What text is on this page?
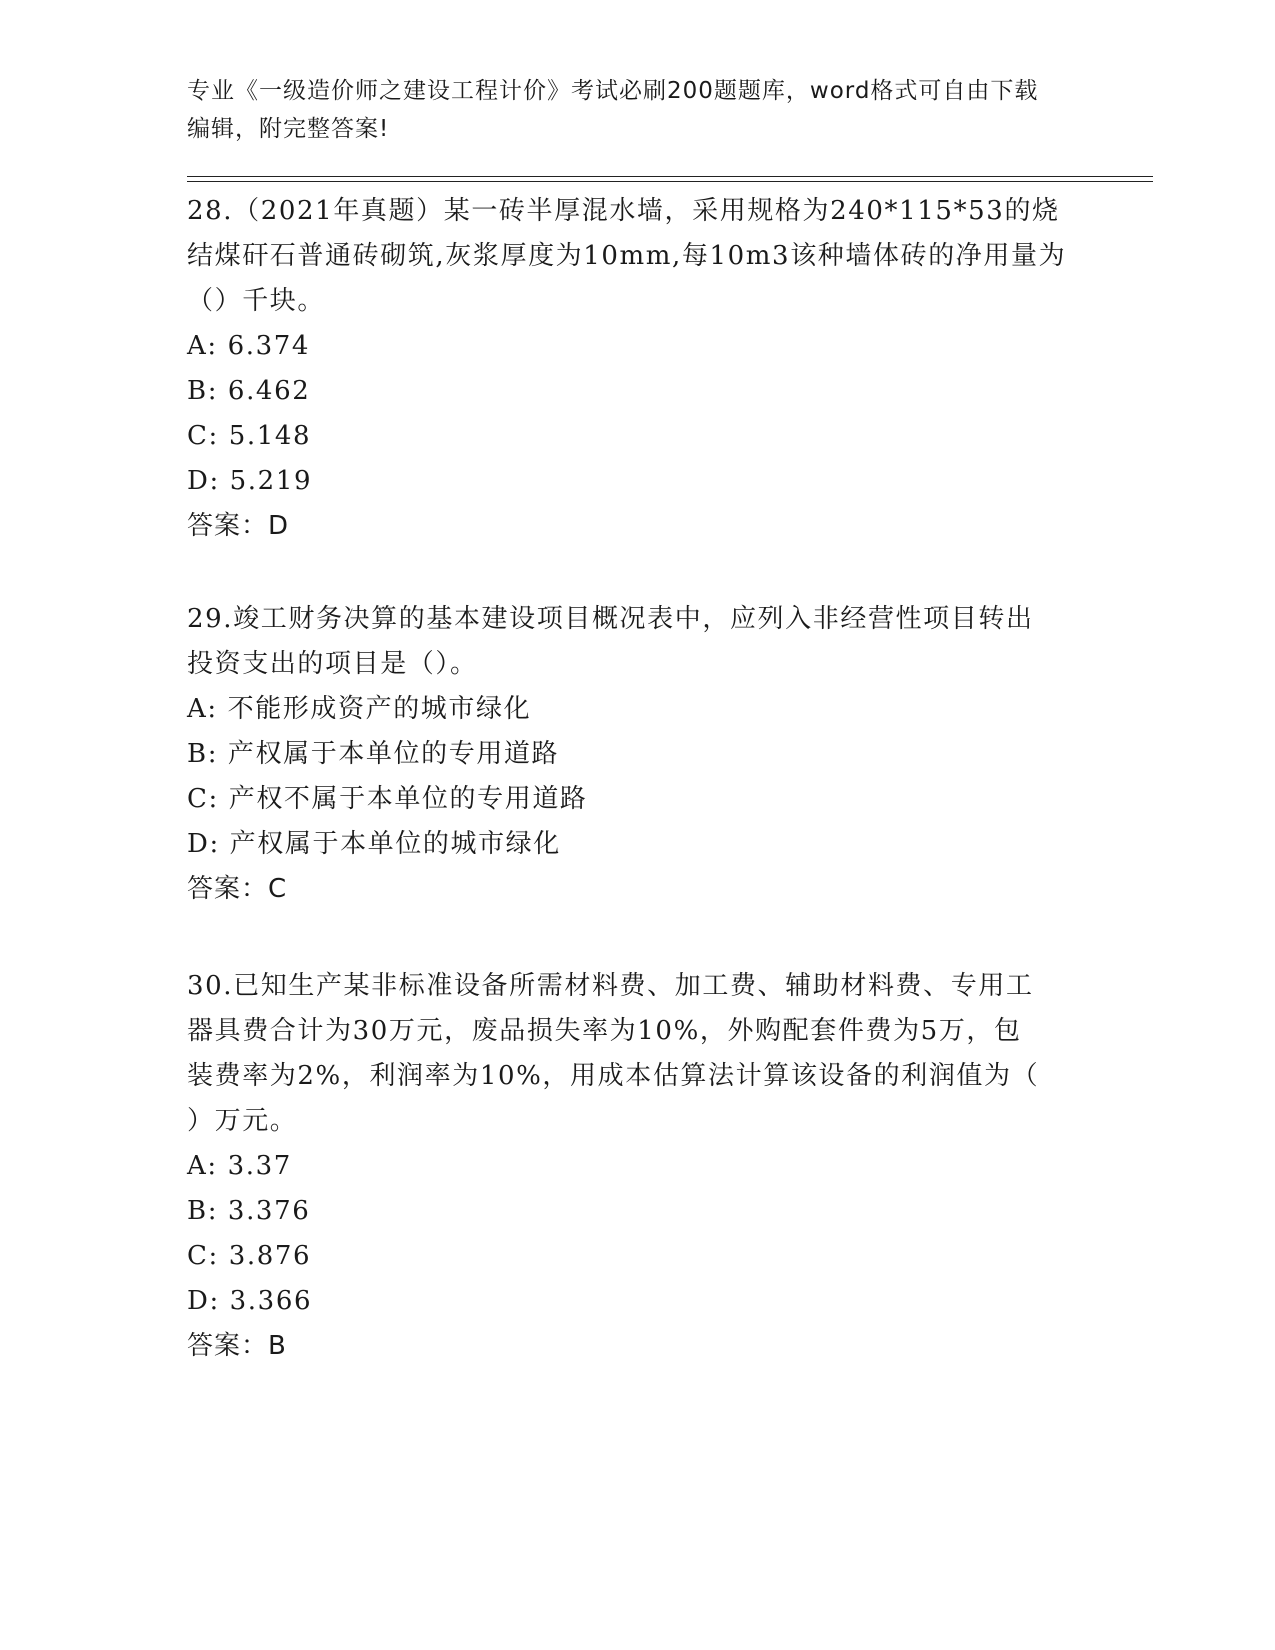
专业《一级造价师之建设工程计价》考试必刷200题题库，word格式可自由下载
编辑，附完整答案!

28.（2021年真题）某一砖半厚混水墙，采用规格为240*115*53的烧

结煤矸石普通砖砌筑,灰浆厚度为10mm,每10m3该种墙体砖的净用量为

（）千块。

A: 6.374

B: 6.462

C: 5.148

D: 5.219

答案：D

29.竣工财务决算的基本建设项目概况表中，应列入非经营性项目转出

投资支出的项目是（）。

A: 不能形成资产的城市绿化

B: 产权属于本单位的专用道路

C: 产权不属于本单位的专用道路

D: 产权属于本单位的城市绿化

答案：C

30.已知生产某非标准设备所需材料费、加工费、辅助材料费、专用工

器具费合计为30万元，废品损失率为10%，外购配套件费为5万，包

装费率为2%，利润率为10%，用成本估算法计算该设备的利润值为（

）万元。

A: 3.37

B: 3.376

C: 3.876

D: 3.366

答案：B
